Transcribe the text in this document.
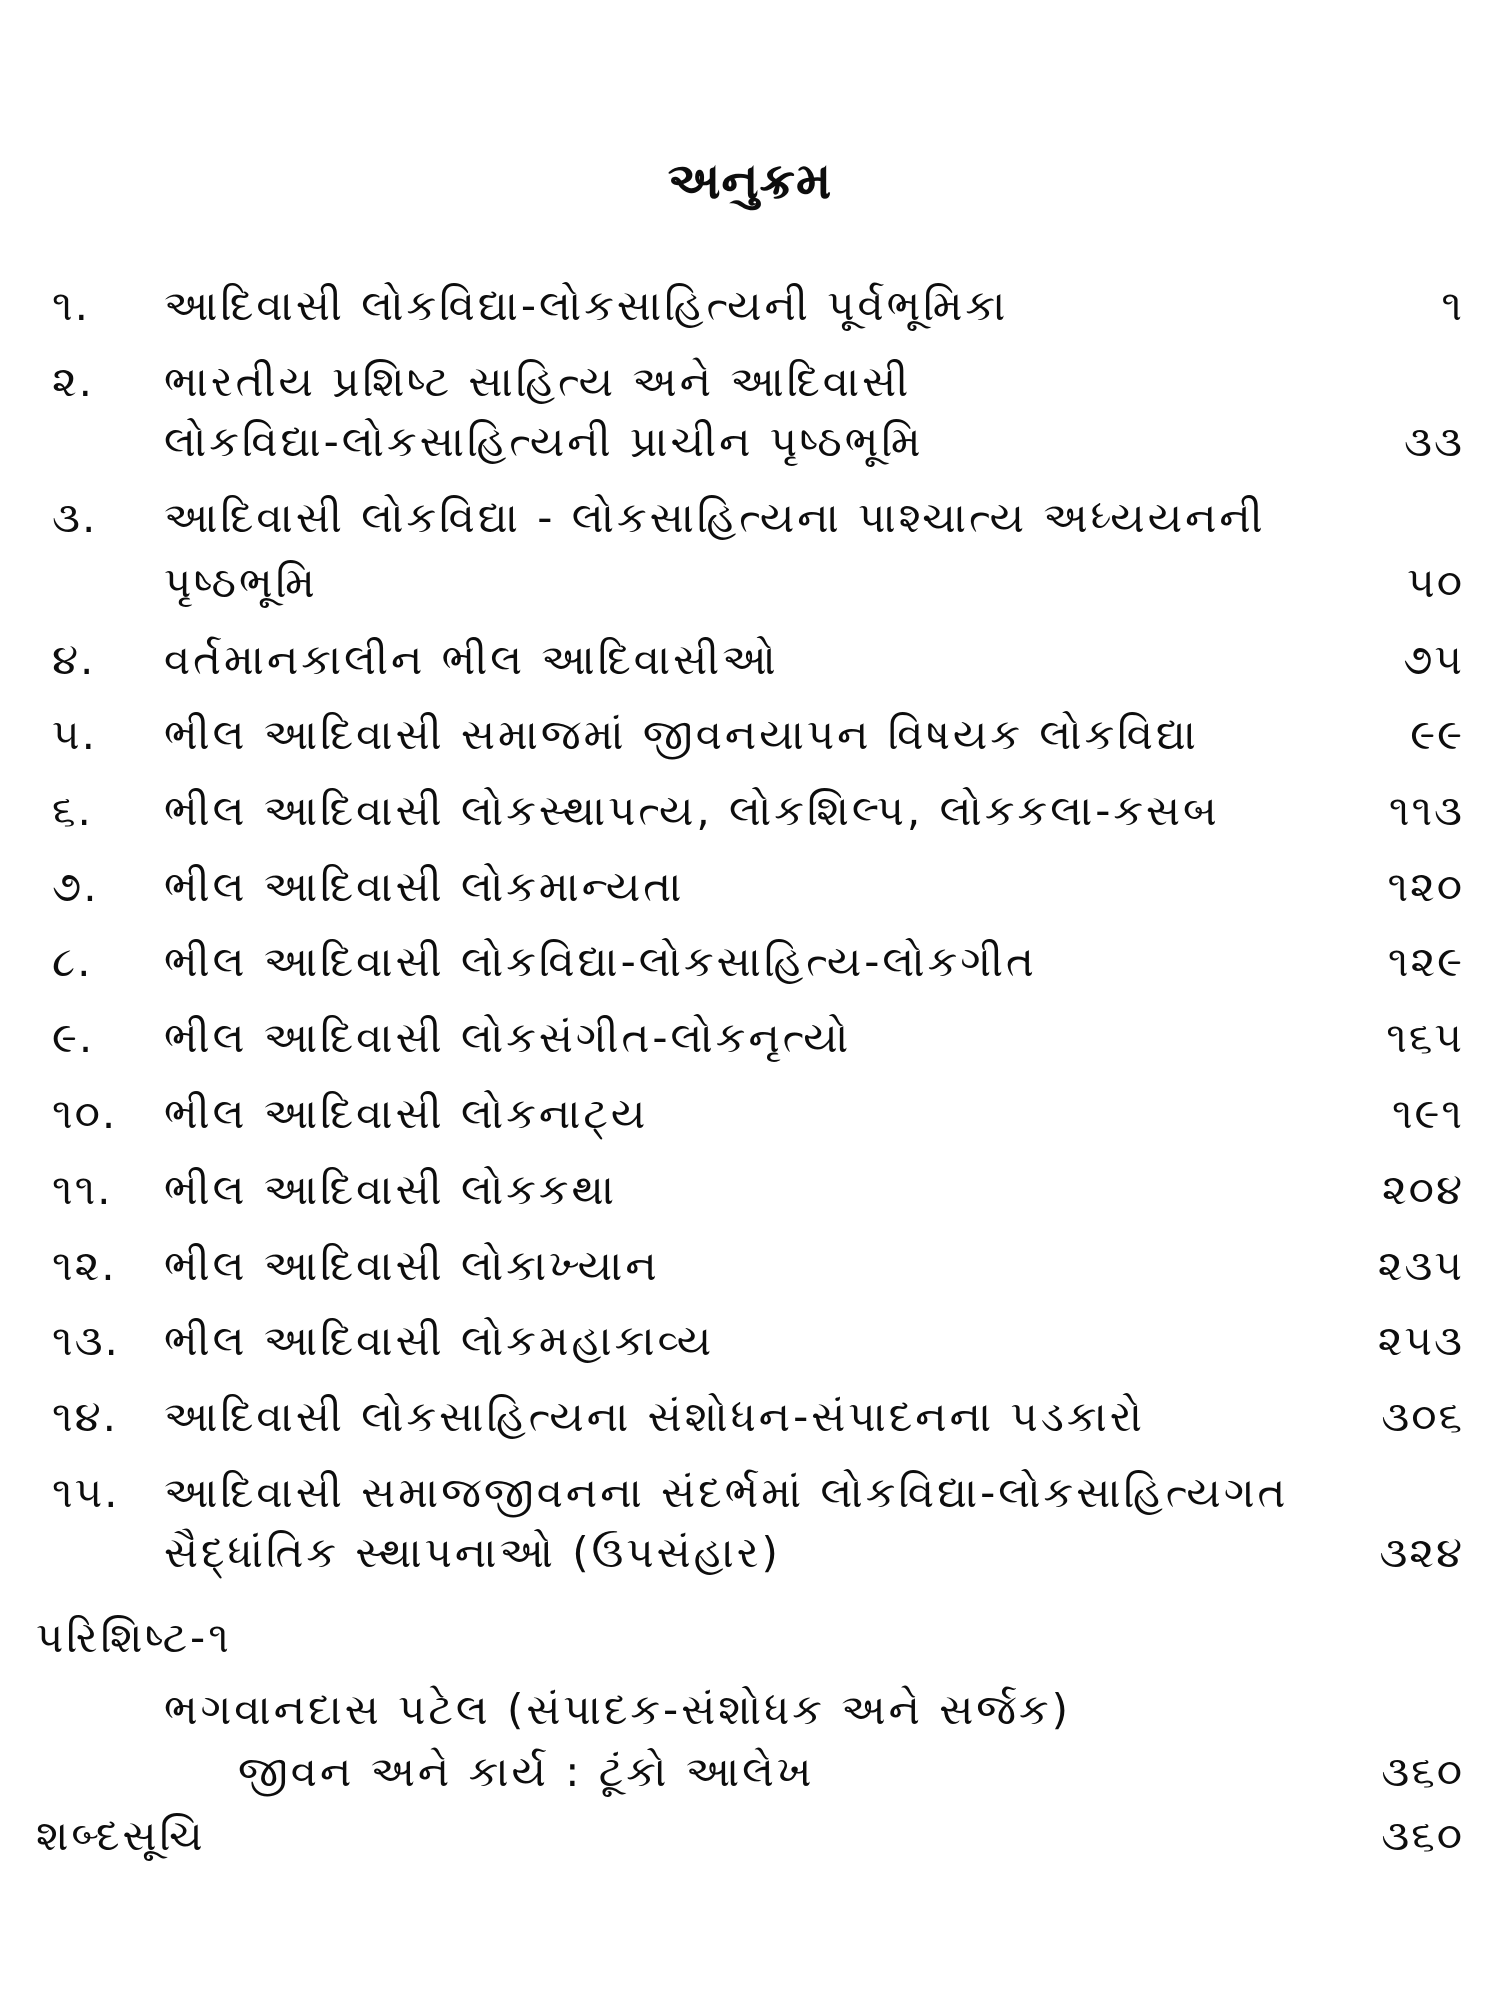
અનુક્રમ
૧.	આદિવાસી લોકવિદ્યા-લોકસાહિત્યની પૂર્વભૂમિકા	૧
૨.	ભારતીય પ્રશિષ્ટ સાહિત્ય અને આદિવાસી
લોકવિદ્યા-લોકસાહિત્યની પ્રાચીન પૃષ્ઠભૂમિ	૩૩
૩.	આદિવાસી લોકવિદ્યા - લોકસાહિત્યના પાશ્ચાત્ય અધ્યયનની
પૃષ્ઠભૂમિ	૫૦
૪.	વર્તમાનકાલીન ભીલ આદિવાસીઓ	૭૫
૫.	ભીલ આદિવાસી સમાજમાં જીવનયાપન વિષયક લોકવિદ્યા	૯૯
૬.	ભીલ આદિવાસી લોકસ્થાપત્ય, લોકશિલ્પ, લોકકલા-કસબ	૧૧૩
૭.	ભીલ આદિવાસી લોકમાન્યતા	૧૨૦
૮.	ભીલ આદિવાસી લોકવિદ્યા-લોકસાહિત્ય-લોકગીત	૧૨૯
૯.	ભીલ આદિવાસી લોકસંગીત-લોકનૃત્યો	૧૬૫
૧૦.	ભીલ આદિવાસી લોકનાટ્ય	૧૯૧
૧૧.	ભીલ આદિવાસી લોકકથા	૨૦૪
૧૨.	ભીલ આદિવાસી લોકાખ્યાન	૨૩૫
૧૩.	ભીલ આદિવાસી લોકમહાકાવ્ય	૨૫૩
૧૪.	આદિવાસી લોકસાહિત્યના સંશોધન-સંપાદનના પડકારો	૩૦૬
૧૫.	આદિવાસી સમાજજીવનના સંદર્ભમાં લોકવિદ્યા-લોકસાહિત્યગત
સૈદ્ધાંતિક સ્થાપનાઓ (ઉપસંહાર)	૩૨૪
પરિશિષ્ટ-૧
ભગવાનદાસ પટેલ (સંપાદક-સંશોધક અને સર્જક)
જીવન અને કાર્ય : ટૂંકો આલેખ	૩૬૦
શબ્દસૂચિ	૩૬૦
